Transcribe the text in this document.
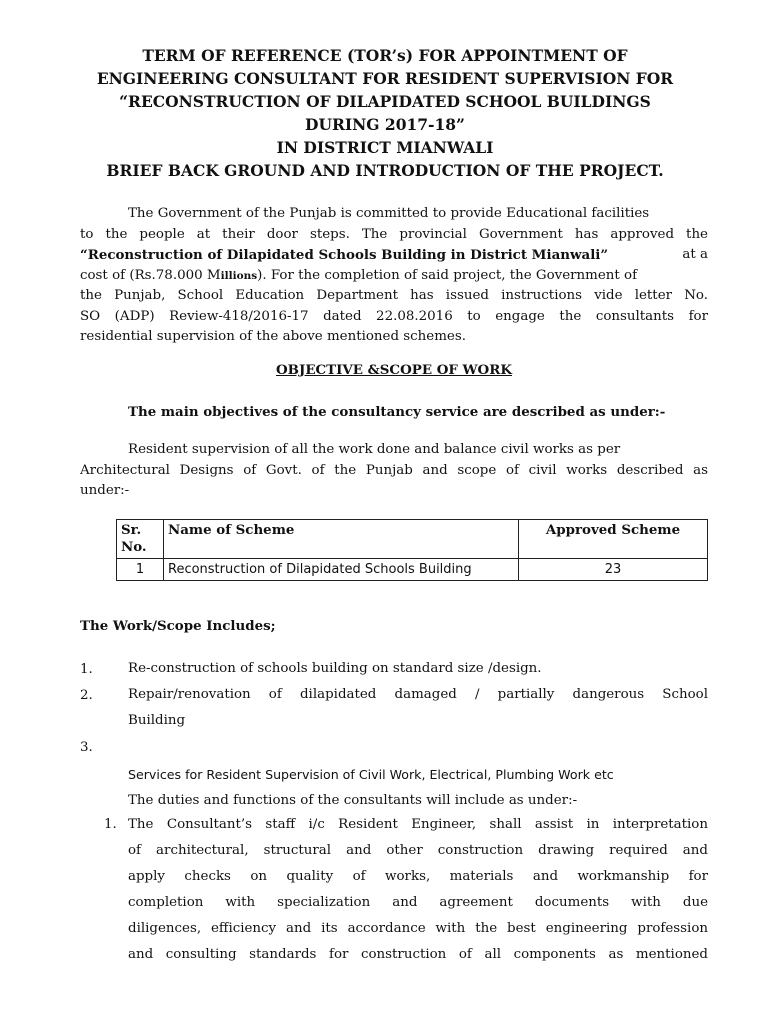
TERM OF REFERENCE (TOR’s) FOR APPOINTMENT OF
ENGINEERING CONSULTANT FOR RESIDENT SUPERVISION FOR
“RECONSTRUCTION OF DILAPIDATED SCHOOL BUILDINGS
DURING 2017-18”
IN DISTRICT MIANWALI
BRIEF BACK GROUND AND INTRODUCTION OF THE PROJECT.
The Government of the Punjab is committed to provide Educational facilities
to the people at their door steps. The provincial Government has approved the
“Reconstruction of Dilapidated Schools Building in District Mianwali”	at a
cost of (Rs.78.000 Millions). For the completion of said project, the Government of
the Punjab, School Education Department has issued instructions vide letter No.
SO (ADP) Review-418/2016-17 dated 22.08.2016 to engage the consultants for
residential supervision of the above mentioned schemes.
OBJECTIVE &SCOPE OF WORK
The main objectives of the consultancy service are described as under:-
Resident supervision of all the work done and balance civil works as per
Architectural Designs of Govt. of the Punjab and scope of civil works described as
under:-
Sr. No.	Name of Scheme	Approved Scheme
1	Reconstruction of Dilapidated Schools Building	23
The Work/Scope Includes;
1.	Re-construction of schools building on standard size /design.
2.	Repair/renovation of dilapidated damaged / partially dangerous School
Building
3.
Services for Resident Supervision of Civil Work, Electrical, Plumbing Work etc
The duties and functions of the consultants will include as under:-
1. The Consultant’s staff i/c Resident Engineer, shall assist in interpretation
of architectural, structural and other construction drawing required and
apply checks on quality of works, materials and workmanship for
completion with specialization and agreement documents with due
diligences, efficiency and its accordance with the best engineering profession
and consulting standards for construction of all components as mentioned
